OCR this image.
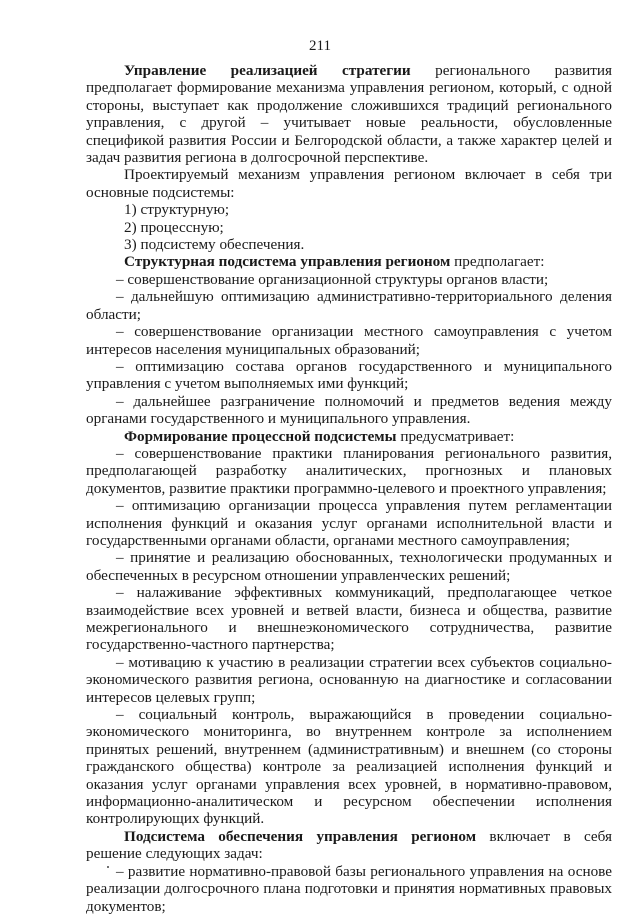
211

Управление реализацией стратегии регионального развития предполагает формирование механизма управления регионом, который, с одной стороны, выступает как продолжение сложившихся традиций регионального управления, с другой – учитывает новые реальности, обусловленные спецификой развития России и Белгородской области, а также характер целей и задач развития региона в долгосрочной перспективе.

Проектируемый механизм управления регионом включает в себя три основные подсистемы:

1) структурную;

2) процессную;

3) подсистему обеспечения.

Структурная подсистема управления регионом предполагает:

– совершенствование организационной структуры органов власти;

– дальнейшую оптимизацию административно-территориального деления области;

– совершенствование организации местного самоуправления с учетом интересов населения муниципальных образований;

– оптимизацию состава органов государственного и муниципального управления с учетом выполняемых ими функций;

– дальнейшее разграничение полномочий и предметов ведения между органами государственного и муниципального управления.

Формирование процессной подсистемы предусматривает:

– совершенствование практики планирования регионального развития, предполагающей разработку аналитических, прогнозных и плановых документов, развитие практики программно-целевого и проектного управления;

– оптимизацию организации процесса управления путем регламентации исполнения функций и оказания услуг органами исполнительной власти и государственными органами области, органами местного самоуправления;

– принятие и реализацию обоснованных, технологически продуманных и обеспеченных в ресурсном отношении управленческих решений;

– налаживание эффективных коммуникаций, предполагающее четкое взаимодействие всех уровней и ветвей власти, бизнеса и общества, развитие межрегионального и внешнеэкономического сотрудничества, развитие государственно-частного партнерства;

– мотивацию к участию в реализации стратегии всех субъектов социально-экономического развития региона, основанную на диагностике и согласовании интересов целевых групп;

– социальный контроль, выражающийся в проведении социально-экономического мониторинга, во внутреннем контроле за исполнением принятых решений, внутреннем (административным) и внешнем (со стороны гражданского общества) контроле за реализацией исполнения функций и оказания услуг органами управления всех уровней, в нормативно-правовом, информационно-аналитическом и ресурсном обеспечении исполнения контролирующих функций.

Подсистема обеспечения управления регионом включает в себя решение следующих задач:

– развитие нормативно-правовой базы регионального управления на основе реализации долгосрочного плана подготовки и принятия нормативных правовых документов;
